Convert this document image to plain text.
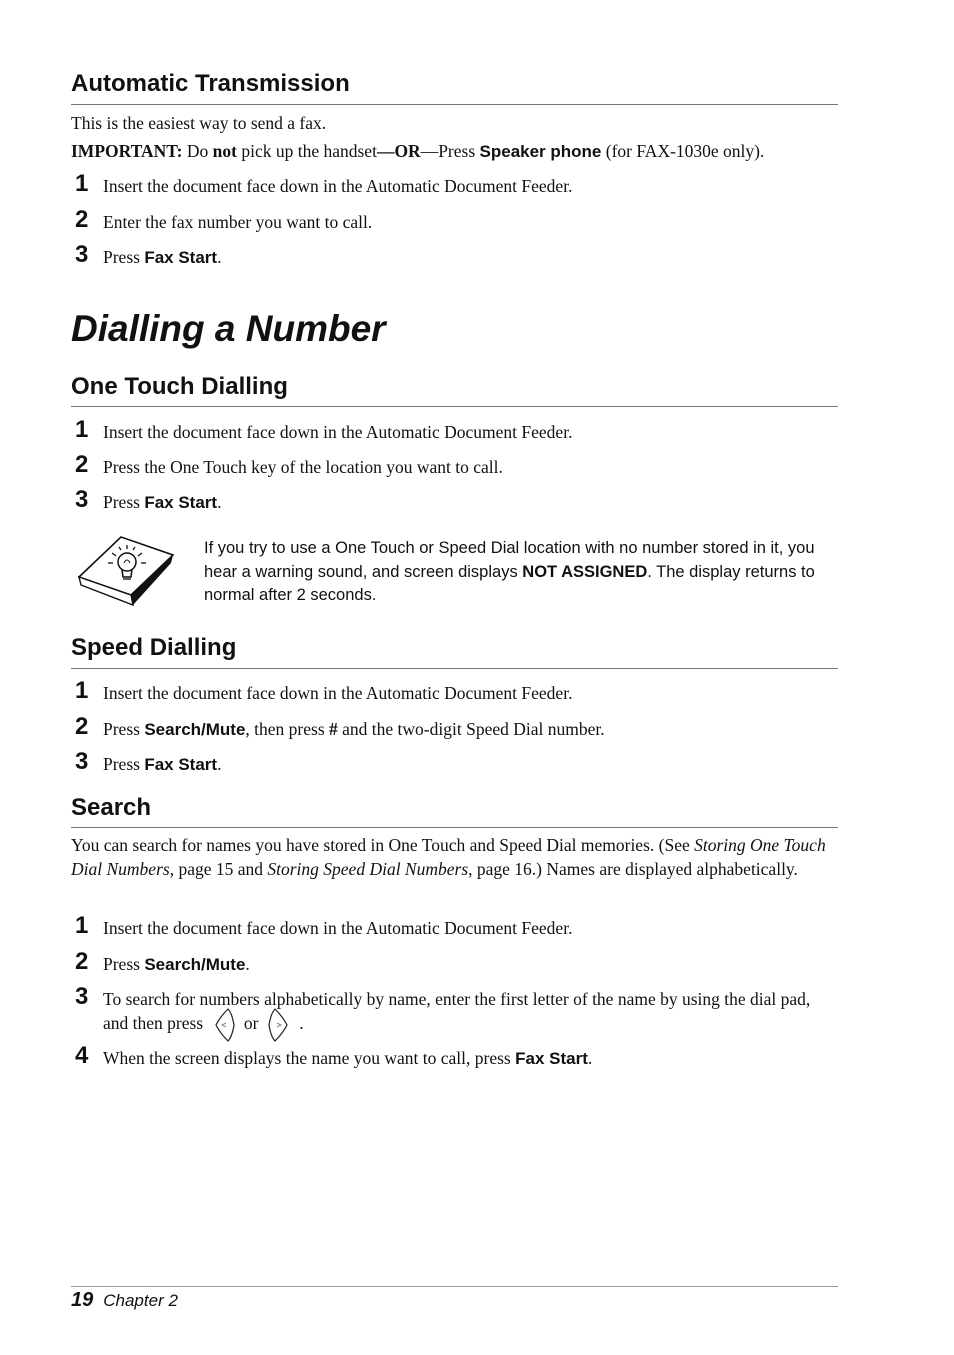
Automatic Transmission

This is the easiest way to send a fax.

IMPORTANT: Do not pick up the handset—OR—Press Speaker phone (for FAX-1030e only).

1 Insert the document face down in the Automatic Document Feeder.
2 Enter the fax number you want to call.
3 Press Fax Start.
Dialling a Number
One Touch Dialling
1 Insert the document face down in the Automatic Document Feeder.
2 Press the One Touch key of the location you want to call.
3 Press Fax Start.
If you try to use a One Touch or Speed Dial location with no number stored in it, you hear a warning sound, and screen displays NOT ASSIGNED. The display returns to normal after 2 seconds.
Speed Dialling
1 Insert the document face down in the Automatic Document Feeder.
2 Press Search/Mute, then press # and the two-digit Speed Dial number.
3 Press Fax Start.
Search

You can search for names you have stored in One Touch and Speed Dial memories. (See Storing One Touch Dial Numbers, page 15 and Storing Speed Dial Numbers, page 16.) Names are displayed alphabetically.

1 Insert the document face down in the Automatic Document Feeder.
2 Press Search/Mute.
3 To search for numbers alphabetically by name, enter the first letter of the name by using the dial pad, and then press or .
4 When the screen displays the name you want to call, press Fax Start.
19 Chapter 2
